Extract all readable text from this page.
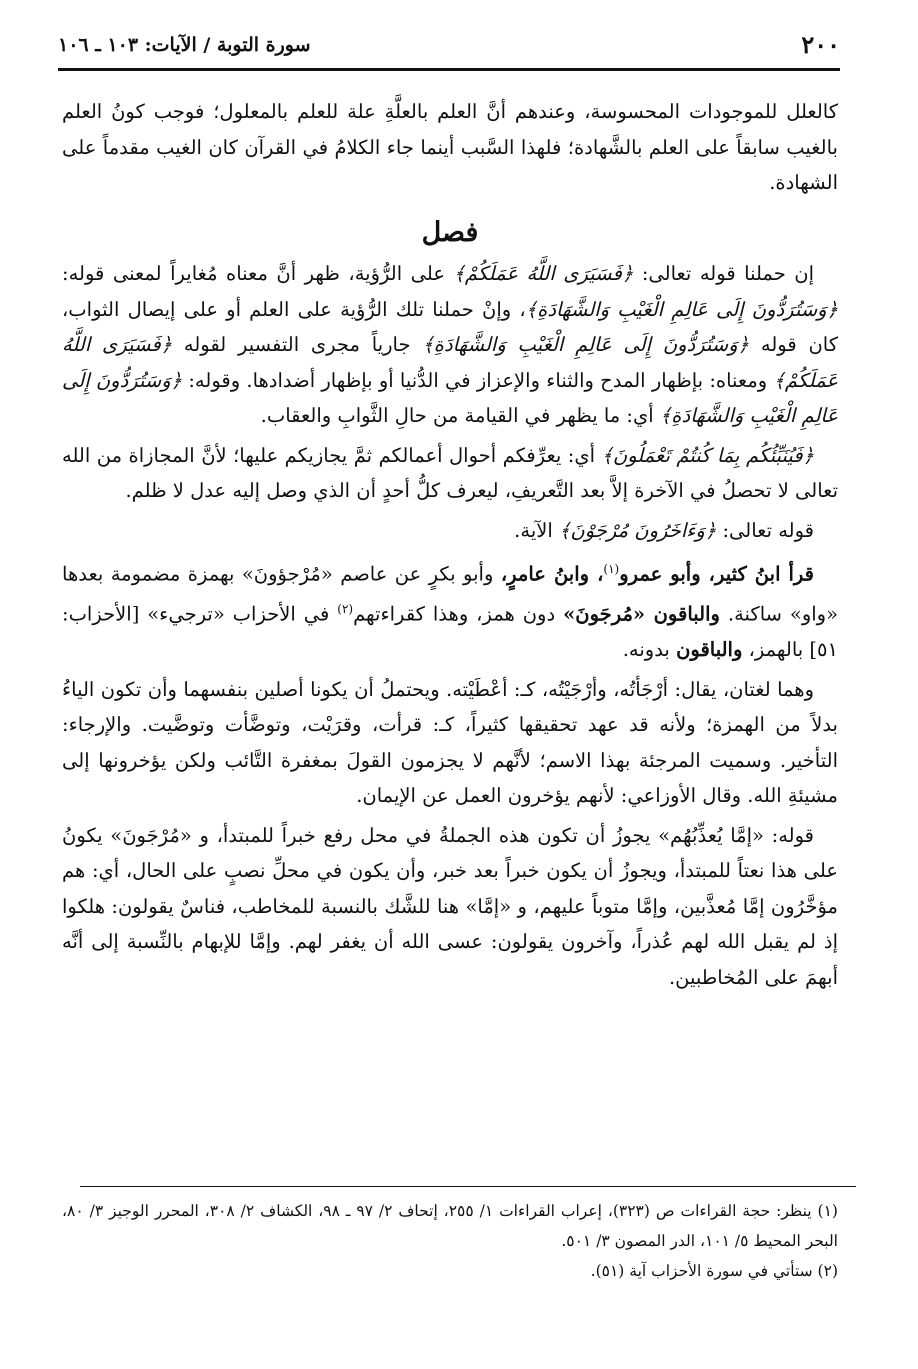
٢٠٠
سورة التوبة / الآيات: ١٠٣ ـ ١٠٦

كالعلل للموجودات المحسوسة، وعندهم أنَّ العلم بالعلَّةِ علة للعلم بالمعلول؛ فوجب كونُ العلم بالغيب سابقاً على العلم بالشَّهادة؛ فلهذا السَّبب أينما جاء الكلامُ في القرآن كان الغيب مقدماً على الشهادة.

فصل

إن حملنا قوله تعالى: ﴿فَسَيَرَى اللَّهُ عَمَلَكُمْ﴾ على الرُّؤية، ظهر أنَّ معناه مُغايراً لمعنى قوله: ﴿وَسَتُرَدُّونَ إِلَى عَالِمِ الْغَيْبِ وَالشَّهَادَةِ﴾، وإنْ حملنا تلك الرُّؤية على العلم أو على إيصال الثواب، كان قوله ﴿وَسَتُرَدُّونَ إِلَى عَالِمِ الْغَيْبِ وَالشَّهَادَةِ﴾ جارياً مجرى التفسير لقوله ﴿فَسَيَرَى اللَّهُ عَمَلَكُمْ﴾ ومعناه: بإظهار المدح والثناء والإعزاز في الدُّنيا أو بإظهار أضدادها. وقوله: ﴿وَسَتُرَدُّونَ إِلَى عَالِمِ الْغَيْبِ وَالشَّهَادَةِ﴾ أي: ما يظهر في القيامة من حالِ الثَّوابِ والعقاب.

﴿فَيُنَبِّئُكُم بِمَا كُنتُمْ تَعْمَلُونَ﴾ أي: يعرِّفكم أحوال أعمالكم ثمَّ يجازيكم عليها؛ لأنَّ المجازاة من الله تعالى لا تحصلُ في الآخرة إلاَّ بعد التَّعريفِ، ليعرف كلُّ أحدٍ أن الذي وصل إليه عدل لا ظلم.

قوله تعالى: ﴿وَءَاخَرُونَ مُرْجَوْنَ﴾ الآية.

قرأ ابنُ كثير، وأبو عمرو$^{(١)}$، وابنُ عامرٍ، وأبو بكرٍ عن عاصم «مُرْجؤونَ» بهمزة مضمومة بعدها «واو» ساكنة. والباقون «مُرجَونَ» دون همز، وهذا كقراءتهم$^{(٢)}$ في الأحزاب «ترجيء» [الأحزاب: ٥١] بالهمز، والباقون بدونه.

وهما لغتان، يقال: أرْجَأتُه، وأرْجَيْتُه، كـ: أعْطَيْته. ويحتملُ أن يكونا أصلين بنفسهما وأن تكون الياءُ بدلاً من الهمزة؛ ولأنه قد عهد تحقيقها كثيراً، كـ: قرأت، وقرَيْت، وتوضَّأت وتوضَّيت. والإرجاء: التأخير. وسميت المرجئة بهذا الاسم؛ لأنَّهم لا يجزمون القولَ بمغفرة التَّائب ولكن يؤخرونها إلى مشيئةِ الله. وقال الأوزاعي: لأنهم يؤخرون العمل عن الإيمان.

قوله: «إمَّا يُعذِّبُهُم» يجوزُ أن تكون هذه الجملةُ في محل رفع خبراً للمبتدأ، و «مُرْجَونَ» يكونُ على هذا نعتاً للمبتدأ، ويجوزُ أن يكون خبراً بعد خبر، وأن يكون في محلِّ نصبٍ على الحال، أي: هم مؤخَّرُون إمَّا مُعذَّبين، وإمَّا متوباً عليهم، و «إمَّا» هنا للشَّك بالنسبة للمخاطب، فناسٌ يقولون: هلكوا إذ لم يقبل الله لهم عُذراً، وآخرون يقولون: عسى الله أن يغفر لهم. وإمَّا للإبهام بالنِّسبة إلى أنَّه أبهمَ على المُخاطبين.

(١) ينظر: حجة القراءات ص (٣٢٣)، إعراب القراءات ١/ ٢٥٥، إتحاف ٢/ ٩٧ ـ ٩٨، الكشاف ٢/ ٣٠٨، المحرر الوجيز ٣/ ٨٠، البحر المحيط ٥/ ١٠١، الدر المصون ٣/ ٥٠١.

(٢) ستأتي في سورة الأحزاب آية (٥١).
